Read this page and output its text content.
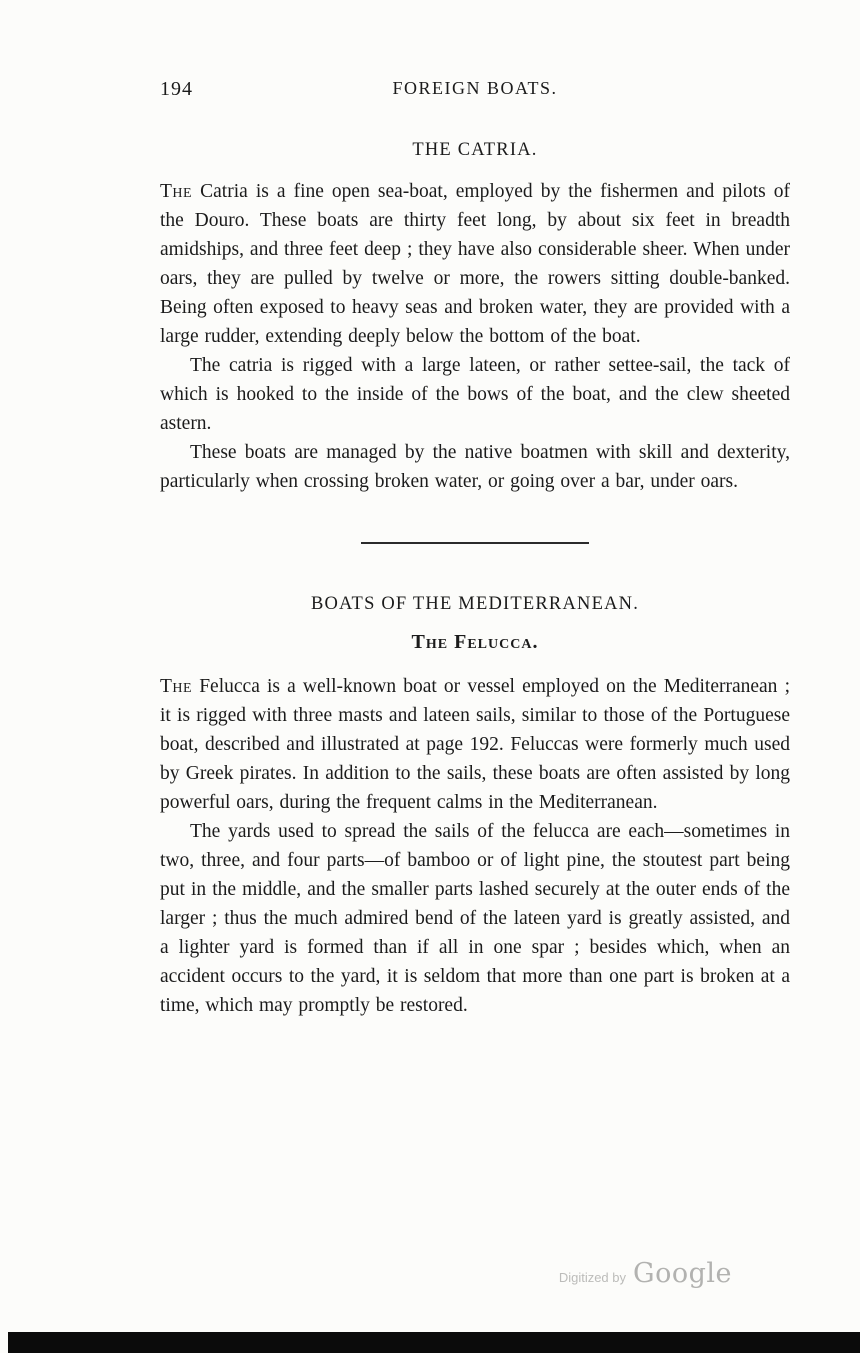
194	FOREIGN BOATS.
THE CATRIA.

The Catria is a fine open sea-boat, employed by the fishermen and pilots of the Douro. These boats are thirty feet long, by about six feet in breadth amidships, and three feet deep ; they have also considerable sheer. When under oars, they are pulled by twelve or more, the rowers sitting double-banked. Being often exposed to heavy seas and broken water, they are provided with a large rudder, extending deeply below the bottom of the boat.

The catria is rigged with a large lateen, or rather settee-sail, the tack of which is hooked to the inside of the bows of the boat, and the clew sheeted astern.

These boats are managed by the native boatmen with skill and dexterity, particularly when crossing broken water, or going over a bar, under oars.

BOATS OF THE MEDITERRANEAN.
The Felucca.

The Felucca is a well-known boat or vessel employed on the Mediterranean ; it is rigged with three masts and lateen sails, similar to those of the Portuguese boat, described and illustrated at page 192. Feluccas were formerly much used by Greek pirates. In addition to the sails, these boats are often assisted by long powerful oars, during the frequent calms in the Mediterranean.

The yards used to spread the sails of the felucca are each—sometimes in two, three, and four parts—of bamboo or of light pine, the stoutest part being put in the middle, and the smaller parts lashed securely at the outer ends of the larger ; thus the much admired bend of the lateen yard is greatly assisted, and a lighter yard is formed than if all in one spar ; besides which, when an accident occurs to the yard, it is seldom that more than one part is broken at a time, which may promptly be restored.

Digitized by Google
